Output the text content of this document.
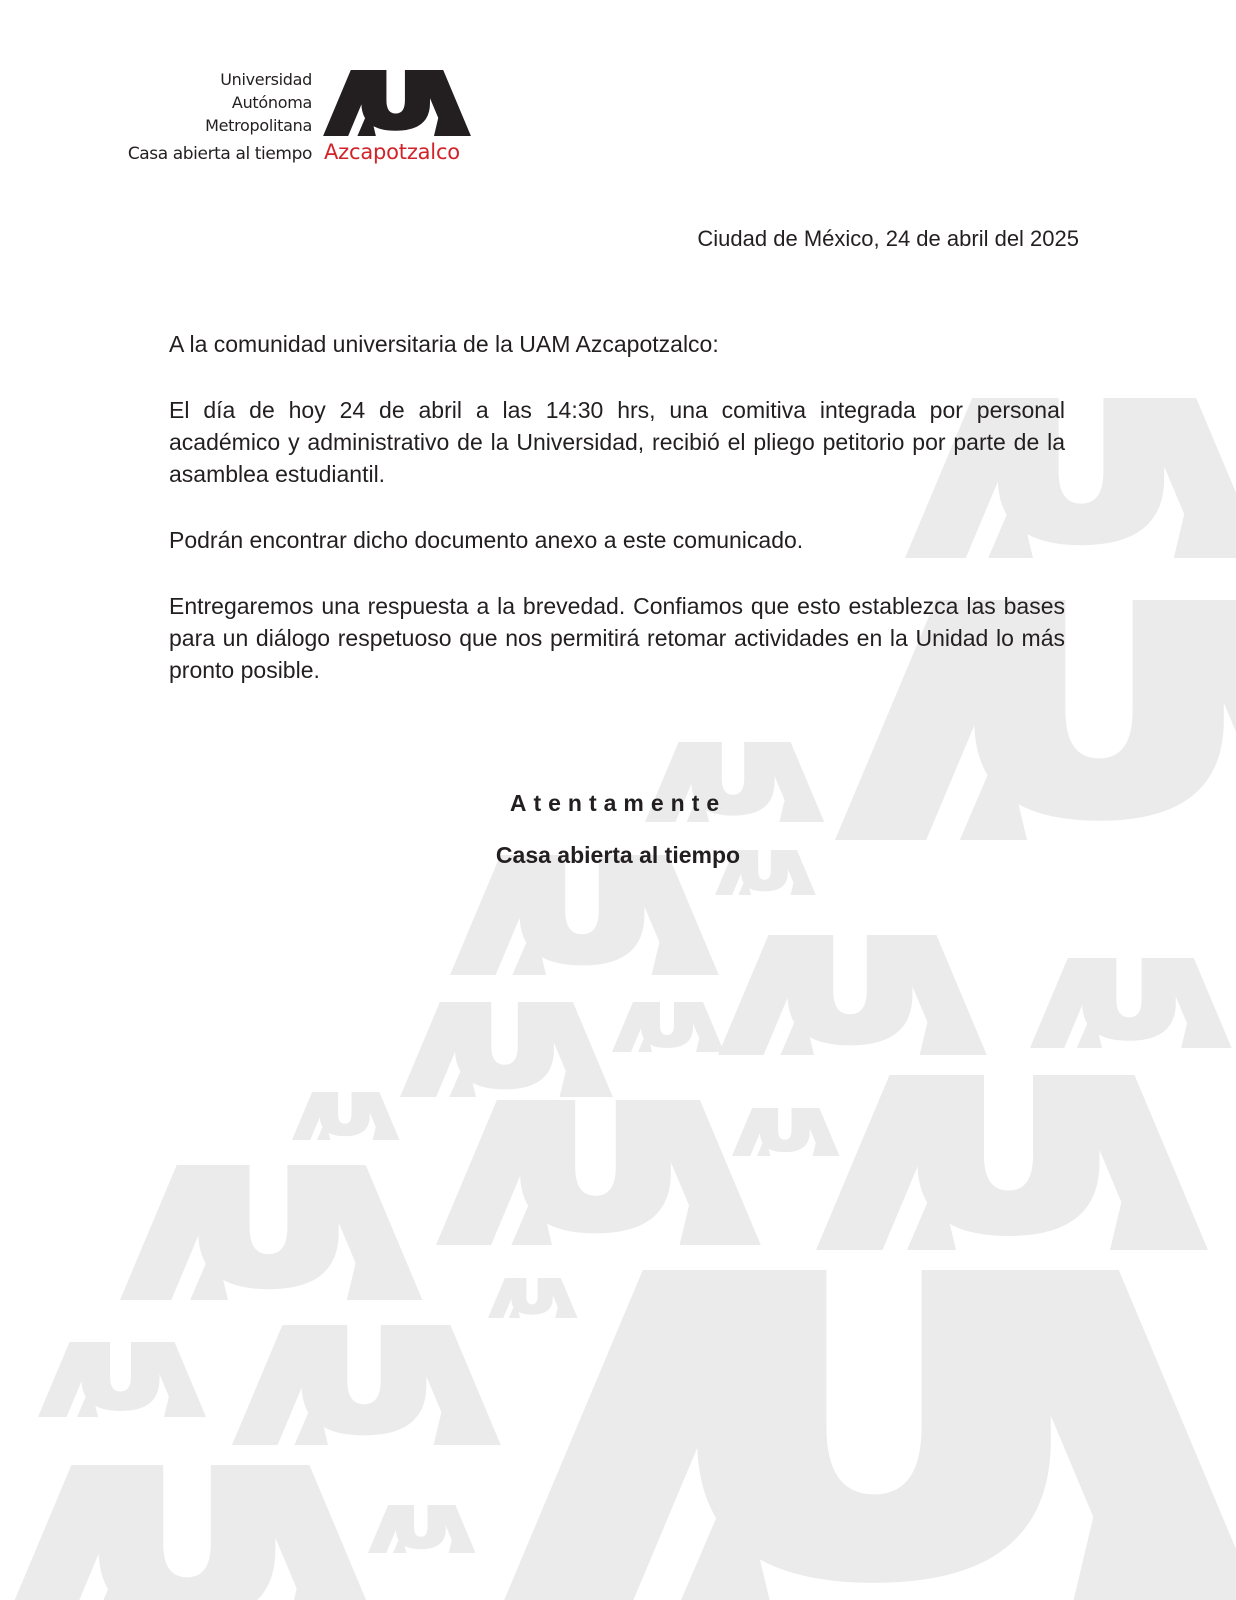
Universidad
Autónoma
Metropolitana
Casa abierta al tiempo Azcapotzalco
Ciudad de México, 24 de abril del 2025

A la comunidad universitaria de la UAM Azcapotzalco:

El día de hoy 24 de abril a las 14:30 hrs, una comitiva integrada por personal académico y administrativo de la Universidad, recibió el pliego petitorio por parte de la asamblea estudiantil.

Podrán encontrar dicho documento anexo a este comunicado.

Entregaremos una respuesta a la brevedad. Confiamos que esto establezca las bases para un diálogo respetuoso que nos permitirá retomar actividades en la Unidad lo más pronto posible.

Atentamente
Casa abierta al tiempo
